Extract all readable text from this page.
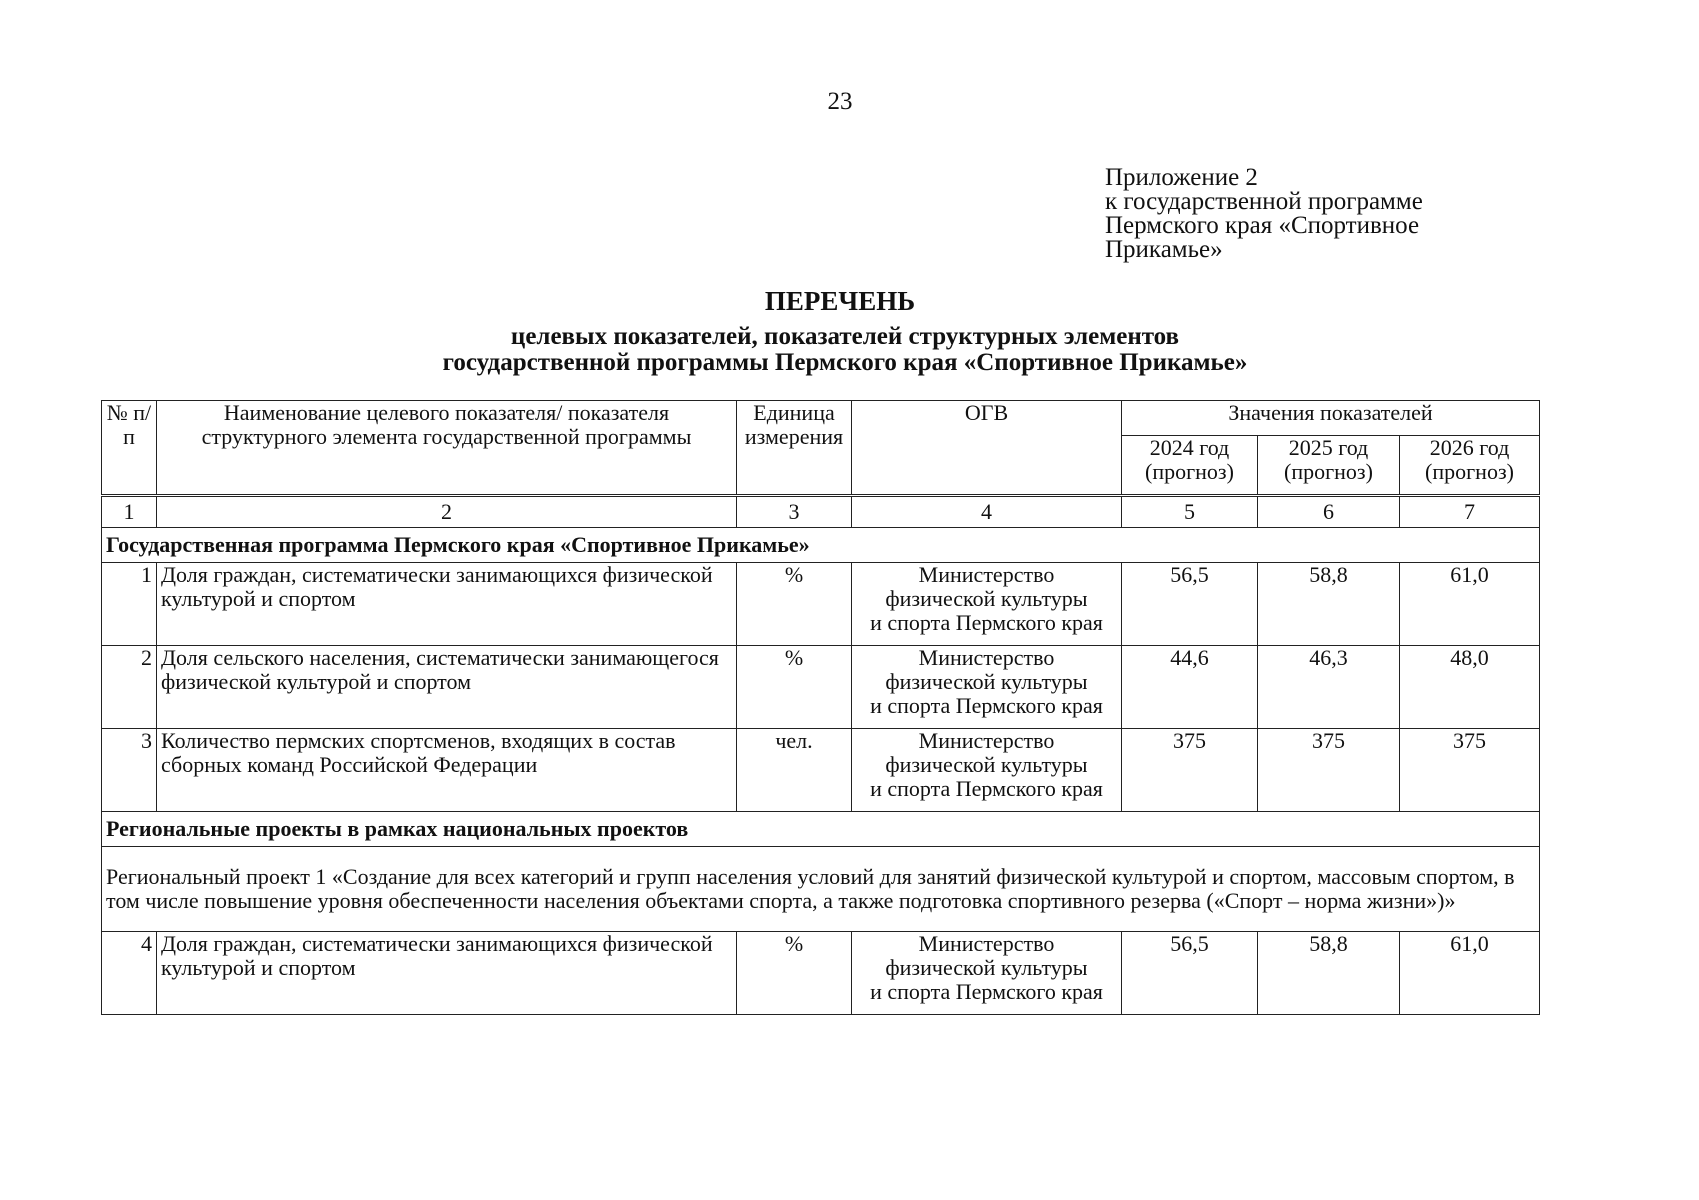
23
Приложение 2
к государственной программе
Пермского края «Спортивное
Прикамье»
ПЕРЕЧЕНЬ
целевых показателей, показателей структурных элементов
государственной программы Пермского края «Спортивное Прикамье»
№ п/п	Наименование целевого показателя/ показателя структурного элемента государственной программы	Единица измерения	ОГВ	Значения показателей		
				2024 год (прогноз)	2025 год (прогноз)	2026 год (прогноз)
1	2	3	4	5	6	7
Государственная программа Пермского края «Спортивное Прикамье»						
1	Доля граждан, систематически занимающихся физической культурой и спортом	%	Министерство
физической культуры
и спорта Пермского края	56,5	58,8	61,0
2	Доля сельского населения, систематически занимающегося физической культурой и спортом	%	Министерство
физической культуры
и спорта Пермского края	44,6	46,3	48,0
3	Количество пермских спортсменов, входящих в состав сборных команд Российской Федерации	чел.	Министерство
физической культуры
и спорта Пермского края	375	375	375
Региональные проекты в рамках национальных проектов						
Региональный проект 1 «Создание для всех категорий и групп населения условий для занятий физической культурой и спортом, массовым спортом, в том числе повышение уровня обеспеченности населения объектами спорта, а также подготовка спортивного резерва («Спорт – норма жизни»)»						
4	Доля граждан, систематически занимающихся физической культурой и спортом	%	Министерство
физической культуры
и спорта Пермского края	56,5	58,8	61,0
